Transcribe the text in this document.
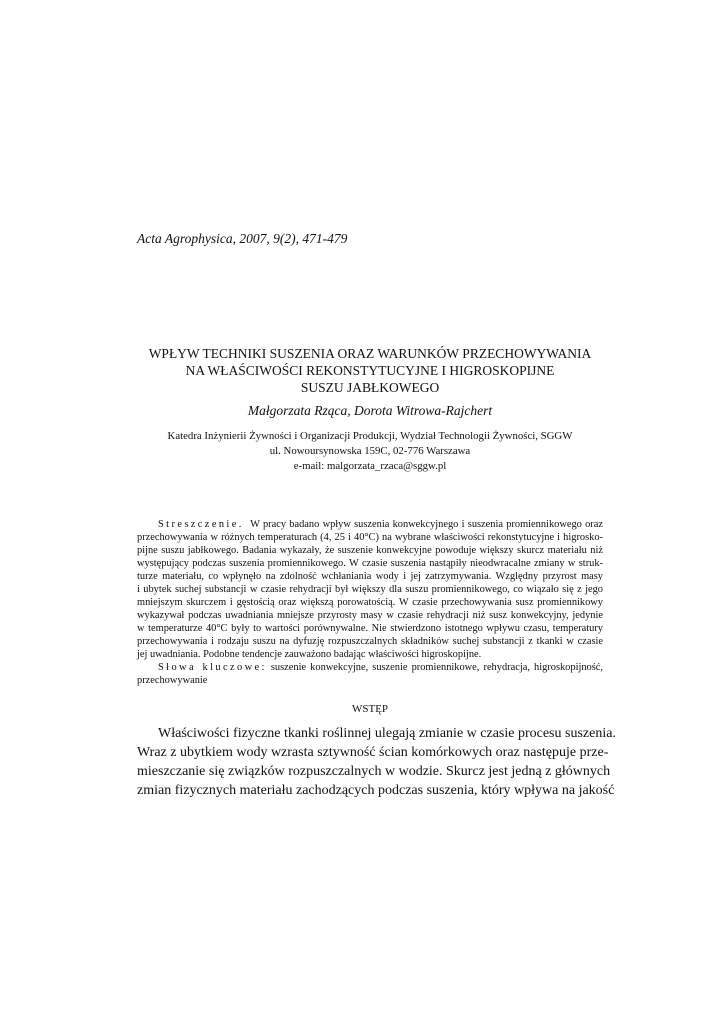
Acta Agrophysica, 2007, 9(2), 471-479
WPŁYW TECHNIKI SUSZENIA ORAZ WARUNKÓW PRZECHOWYWANIA
NA WŁAŚCIWOŚCI REKONSTYTUCYJNE I HIGROSKOPIJNE
SUSZU JABŁKOWEGO
Małgorzata Rząca, Dorota Witrowa-Rajchert
Katedra Inżynierii Żywności i Organizacji Produkcji, Wydział Technologii Żywności, SGGW
ul. Nowoursynowska 159C, 02-776 Warszawa
e-mail: malgorzata_rzaca@sggw.pl
Streszczenie. W pracy badano wpływ suszenia konwekcyjnego i suszenia promiennikowego oraz
przechowywania w różnych temperaturach (4, 25 i 40°C) na wybrane właściwości rekonstytucyjne i higrosko-
pijne suszu jabłkowego. Badania wykazały, że suszenie konwekcyjne powoduje większy skurcz materiału niż
występujący podczas suszenia promiennikowego. W czasie suszenia nastąpiły nieodwracalne zmiany w struk-
turze materiału, co wpłynęło na zdolność wchłaniania wody i jej zatrzymywania. Względny przyrost masy
i ubytek suchej substancji w czasie rehydracji był większy dla suszu promiennikowego, co wiązało się z jego
mniejszym skurczem i gęstością oraz większą porowatością. W czasie przechowywania susz promiennikowy
wykazywał podczas uwadniania mniejsze przyrosty masy w czasie rehydracji niż susz konwekcyjny, jedynie
w temperaturze 40°C były to wartości porównywalne. Nie stwierdzono istotnego wpływu czasu, temperatury
przechowywania i rodzaju suszu na dyfuzję rozpuszczalnych składników suchej substancji z tkanki w czasie
jej uwadniania. Podobne tendencje zauważono badając właściwości higroskopijne.
Słowa kluczowe: suszenie konwekcyjne, suszenie promiennikowe, rehydracja, higroskopijność,
przechowywanie
WSTĘP
Właściwości fizyczne tkanki roślinnej ulegają zmianie w czasie procesu suszenia.
Wraz z ubytkiem wody wzrasta sztywność ścian komórkowych oraz następuje prze-
mieszczanie się związków rozpuszczalnych w wodzie. Skurcz jest jedną z głównych
zmian fizycznych materiału zachodzących podczas suszenia, który wpływa na jakość
